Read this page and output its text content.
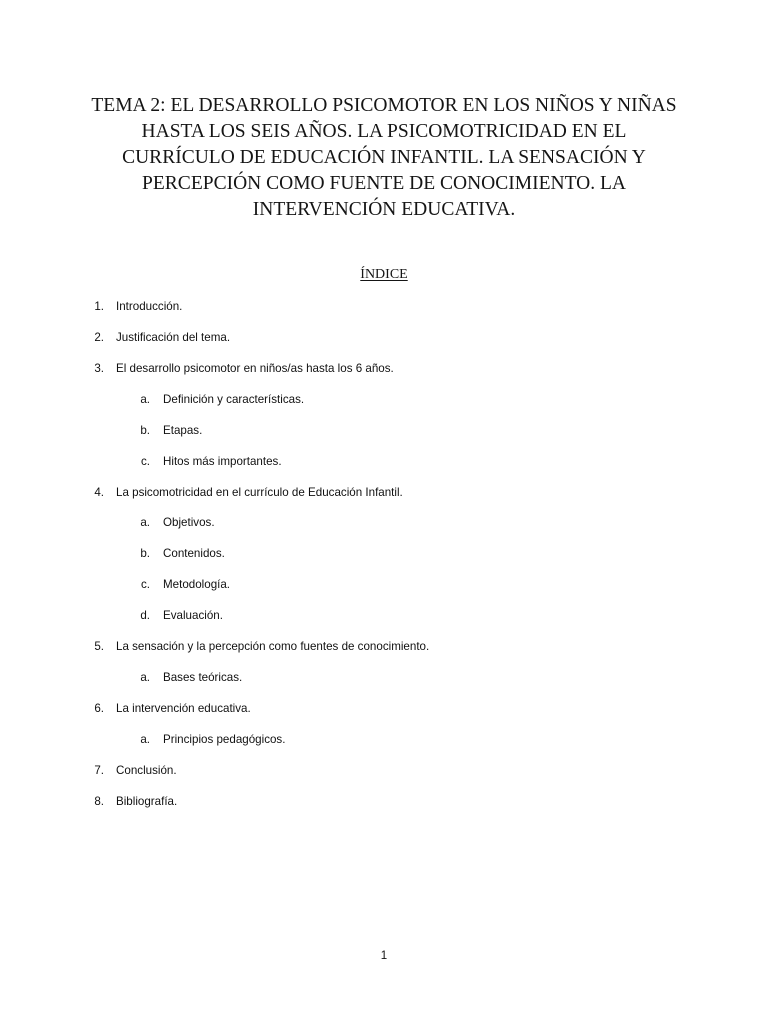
TEMA 2: EL DESARROLLO PSICOMOTOR EN LOS NIÑOS Y NIÑAS
HASTA LOS SEIS AÑOS. LA PSICOMOTRICIDAD EN EL
CURRÍCULO DE EDUCACIÓN INFANTIL. LA SENSACIÓN Y
PERCEPCIÓN COMO FUENTE DE CONOCIMIENTO. LA
INTERVENCIÓN EDUCATIVA.
ÍNDICE
1. Introducción.
2. Justificación del tema.
3. El desarrollo psicomotor en niños/as hasta los 6 años.
a. Definición y características.
b. Etapas.
c. Hitos más importantes.
4. La psicomotricidad en el currículo de Educación Infantil.
a. Objetivos.
b. Contenidos.
c. Metodología.
d. Evaluación.
5. La sensación y la percepción como fuentes de conocimiento.
a. Bases teóricas.
6. La intervención educativa.
a. Principios pedagógicos.
7. Conclusión.
8. Bibliografía.
1
